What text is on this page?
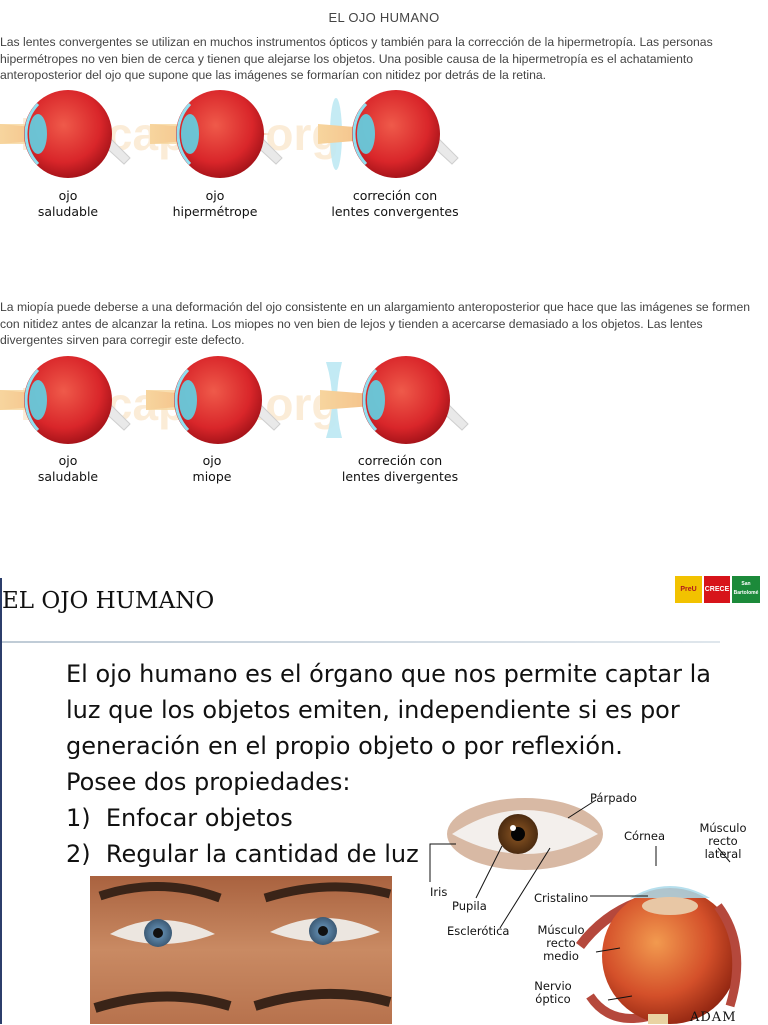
EL OJO HUMANO
Las lentes convergentes se utilizan en muchos instrumentos ópticos y también para la corrección de la hipermetropía. Las personas hipermétropes no ven bien de cerca y tienen que alejarse los objetos. Una posible causa de la hipermetropía es el achatamiento anteroposterior del ojo que supone que las imágenes se formarían con nitidez por detrás de la retina.
ojo
saludable
ojo
hipermétrope
correción con
lentes convergentes
La miopía puede deberse a una deformación del ojo consistente en un alargamiento anteroposterior que hace que las imágenes se formen con nitidez antes de alcanzar la retina. Los miopes no ven bien de lejos y tienden a acercarse demasiado a los objetos. Las lentes divergentes sirven para corregir este defecto.
ojo
saludable
ojo
miope
correción con
lentes divergentes
EL OJO HUMANO	PreU	CRECE
San Bartolomé
El ojo humano es el órgano que nos permite captar la
luz que los objetos emiten, independiente si es por
generación en el propio objeto o por reflexión.
Posee dos propiedades:
1)  Enfocar objetos
2)  Regular la cantidad de luz
Párpado
Córnea
Músculo recto lateral
Iris
Pupila
Cristalino
Esclerótica Músculo recto medio
Nervio óptico
ADAM
